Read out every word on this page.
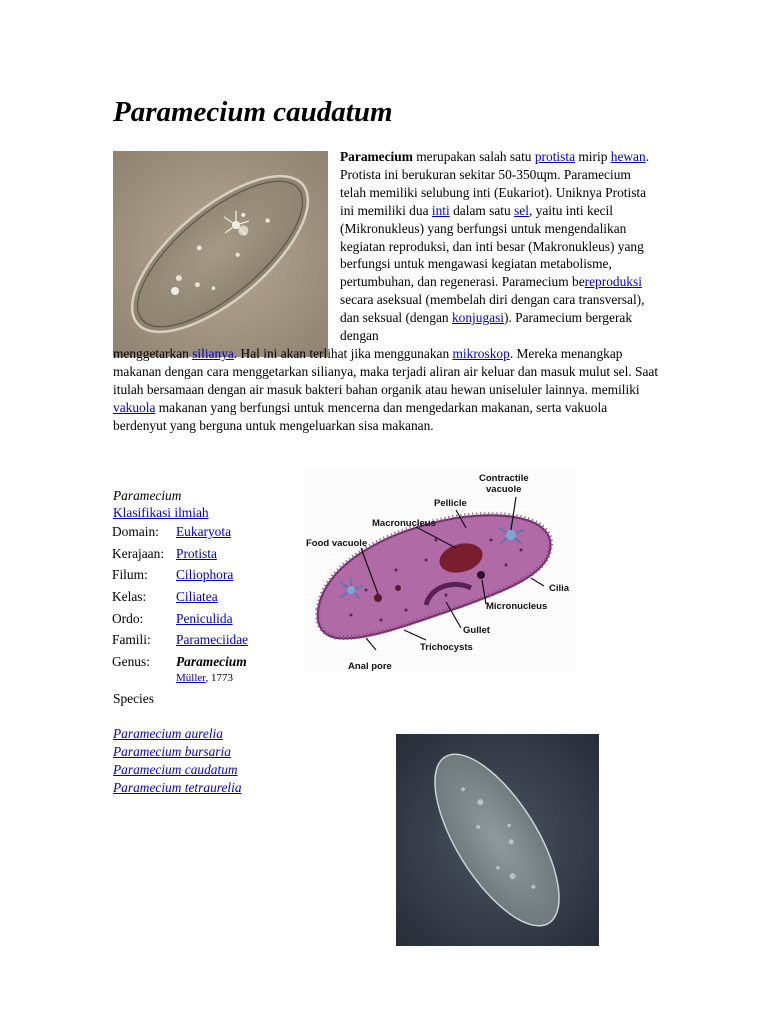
Paramecium caudatum
Paramecium merupakan salah satu protista mirip hewan. Protista ini berukuran sekitar 50-350ɰm. Paramecium telah memiliki selubung inti (Eukariot). Uniknya Protista ini memiliki dua inti dalam satu sel, yaitu inti kecil (Mikronukleus) yang berfungsi untuk mengendalikan kegiatan reproduksi, dan inti besar (Makronukleus) yang berfungsi untuk mengawasi kegiatan metabolisme, pertumbuhan, dan regenerasi. Paramecium bereproduksi secara aseksual (membelah diri dengan cara transversal), dan seksual (dengan konjugasi). Paramecium bergerak dengan
menggetarkan silianya. Hal ini akan terlihat jika menggunakan mikroskop. Mereka menangkap makanan dengan cara menggetarkan silianya, maka terjadi aliran air keluar dan masuk mulut sel. Saat itulah bersamaan dengan air masuk bakteri bahan organik atau hewan uniseluler lainnya. memiliki vakuola makanan yang berfungsi untuk mencerna dan mengedarkan makanan, serta vakuola berdenyut yang berguna untuk mengeluarkan sisa makanan.
Paramecium
Klasifikasi ilmiah
Domain:	Eukaryota
Kerajaan:	Protista
Filum:	Ciliophora
Kelas:	Ciliatea
Ordo:	Peniculida
Famili:	Parameciidae
Genus:	Paramecium
Müller, 1773
Species
Paramecium aurelia
Paramecium bursaria
Paramecium caudatum
Paramecium tetraurelia
Contractile
vacuole
Pellicle
Macronucleus
Food vacuole
Cilia
Micronucleus
Gullet
Trichocysts
Anal pore
